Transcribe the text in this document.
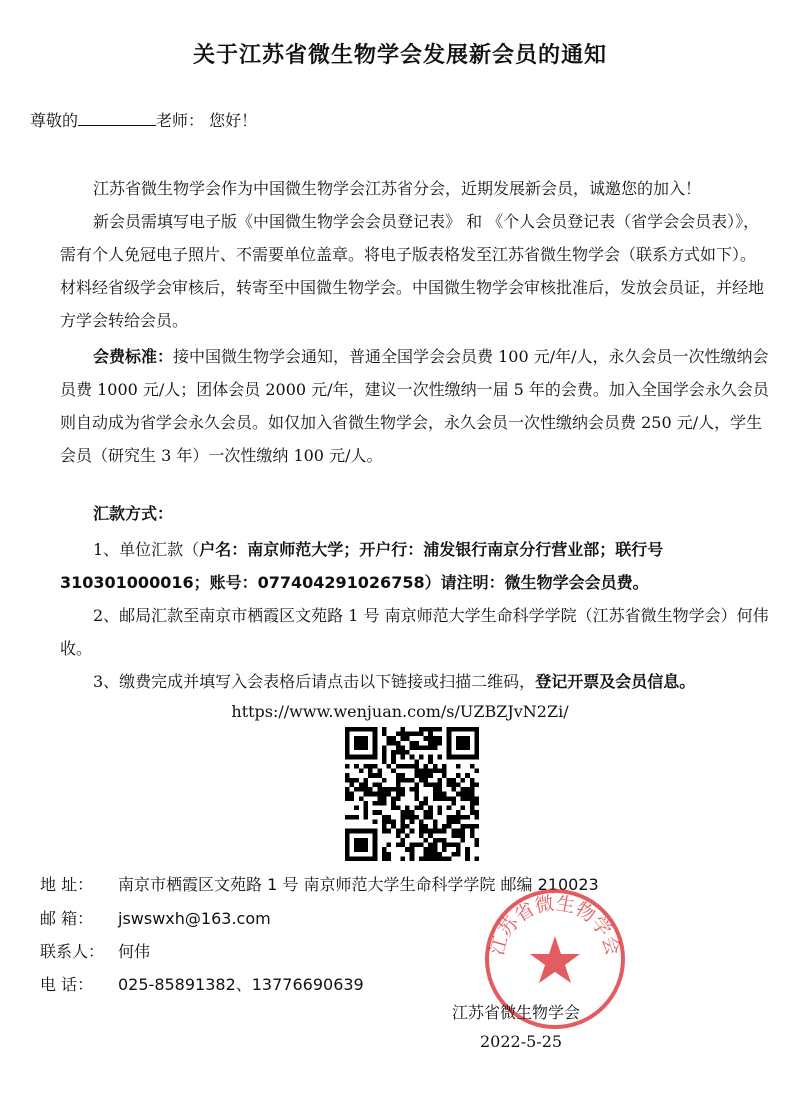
关于江苏省微生物学会发展新会员的通知
尊敬的	老师： 您好！
江苏省微生物学会作为中国微生物学会江苏省分会，近期发展新会员，诚邀您的加入！
新会员需填写电子版《中国微生物学会会员登记表》 和 《个人会员登记表（省学会会员表）》，需有个人免冠电子照片、不需要单位盖章。将电子版表格发至江苏省微生物学会（联系方式如下）。材料经省级学会审核后，转寄至中国微生物学会。中国微生物学会审核批准后，发放会员证，并经地方学会转给会员。
会费标准：接中国微生物学会通知，普通全国学会会员费 100 元/年/人，永久会员一次性缴纳会员费 1000 元/人；团体会员 2000 元/年，建议一次性缴纳一届 5 年的会费。加入全国学会永久会员则自动成为省学会永久会员。如仅加入省微生物学会，永久会员一次性缴纳会员费 250 元/人，学生会员（研究生 3 年）一次性缴纳 100 元/人。
汇款方式：
1、单位汇款（户名：南京师范大学；开户行：浦发银行南京分行营业部；联行号 310301000016；账号：077404291026758）请注明：微生物学会会员费。
2、邮局汇款至南京市栖霞区文苑路 1 号 南京师范大学生命科学学院（江苏省微生物学会）何伟 收。
3、缴费完成并填写入会表格后请点击以下链接或扫描二维码，登记开票及会员信息。
https://www.wenjuan.com/s/UZBZJvN2Zi/
地 址： 南京市栖霞区文苑路 1 号 南京师范大学生命科学学院 邮编 210023
邮 箱： jswswxh@163.com
联系人： 何伟
电 话： 025-85891382、13776690639
江苏省微生物学会
江苏省微生物学会
2022-5-25
